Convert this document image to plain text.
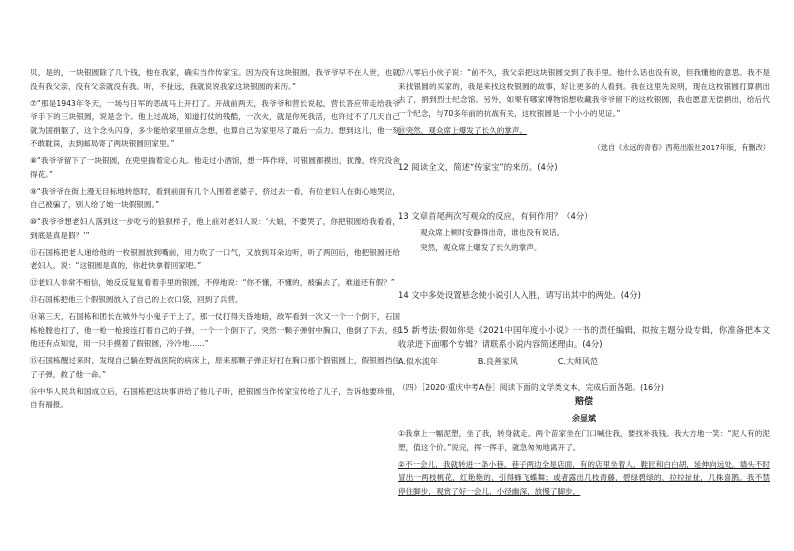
贝，是的，一块银圆除了几个钱，他在我家，确实当作传家宝。因为没有这块银圆，我爷爷早不在人世，也就没有我父亲，没有父亲就没有我。听，不扯远，我就说说我家这块银圆的来历。”

⑦“那是1943年冬天，一场与日军的恶战马上开打了。开战前两天，我爷爷和营长说起，营长答应带走给我爷爷手下的三块银圆，说是念个。他上过战场，知道打仗的残酷，一次火，就是你死我活，也许过不了几天自己就为国捐躯了，这个念头闪身，多少能给家里留点念想，也算自己为家里尽了最后一点力。想到这儿，他一刻不敢耽误，去到邮局寄了两块银圆回家里。”

⑧“我爷爷留下了一块银圆，在兜里揣着定心丸。他走过小酒馆，想一阵作痒，可银圆都摸出，犹豫，终究没舍得花。”

⑨“我爷爷在街上漫无目标地转悠时，看到前面有几个人围着老婆子，挤过去一看，有位老妇人在街心地哭泣，自己被骗了，别人给了她一块假银圆。”

⑩“我爷爷想老妇人落到这一步吃亏的狼狈样子，他上前对老妇人说：‘大娘，不要哭了，你把银圆给我看看，到底是真是假？’”

⑪石国栋把老人递给他的一枚银圆放到嘴前，用力吹了一口气，又放到耳朵边听，听了两回后，他把银圆还给老妇人，说：“这银圆是真的，你赶快拿着回家吧。”

⑫老妇人非常不相信，她反反复复看着手里的银圆，不停地说：“你不懂，不懂的，被骗去了，难道还有假？”

⑬石国栋把他三个假银圆放入了自己的上衣口袋，回到了兵营。

⑭第三天，石国栋和团长在城外与小鬼子干上了，那一仗打得天昏地暗，敌军看到一次又一个一个倒下，石国栋枪膛也打了，他一枪一枪接连打着自己的子弹，一个一个倒下了，突然一颗子弹射中胸口，他倒了下去，但他还有点知觉，用一只手摸着了假银圆，冷冷地……”

⑮石国栋醒过来时，发现自己躺在野战医院的病床上，原来那颗子弹正好打在胸口那个假银圆上，假银圆挡住了子弹，救了他一命。”

⑯中华人民共和国成立后，石国栋把这块事讲给了他儿子听，把银圆当作传家宝传给了儿子，告诉他要珍惜，自有福报。

⑰八零后小伙子说：“前不久，我父亲把这块银圆交到了我手里。他什么话也没有说，但我懂他的意思。我不是来找银圆的买家的，我是来找这枚银圆的故事，好让更多的人看到。我在这里先说明，现在这枚银圆打算捐出去了，捐到烈士纪念馆。另外，如果有哪家博物馆想收藏我爷爷留下的这枚银圆，我也愿意无偿捐出，给后代一个纪念，与70多年前的抗战有关，这枚银圆是一个小小的见证。”

⑱突然，观众席上爆发了长久的掌声。

（选自《永远的青春》西苑出版社2017年版，有删改）

12 阅读全文，简述“传家宝”的来历。(4分)

13 文章首尾两次写观众的反应，有何作用？（4分）

观众席上顿时安静得出奇，谁也没有说话。

突然，观众席上爆发了长久的掌声。

14 文中多处设置悬念使小说引人入胜，请写出其中的两处。(4分)

15 新考法·假如你是《2021中国年度小小说》一书的责任编辑，拟按主题分设专辑，你准备把本文收录进下面哪个专辑？请联系小说内容简述理由。(4分)

A.似水流年	B.良善家风	C.大师风范

（四）［2020·重庆中考A卷］阅读下面的文学类文本，完成后面各题。(16分)

赔偿

余显斌

①我拿上一幅泥塑，坐了我，转身就走。两个苗家坐在门口喊住我，要找补我钱。我大方地一笑：“泥人有的泥塑，值这个价。”说完，挥一挥手，就急匆匆地离开了。

②不一会儿，我就转进一条小巷。巷子两边全是店面，有的店里坐着人，鞋匠和白白胡，延伸向远处。墙头不时冒出一两枝桃花，红艳艳的，引得蜂飞蝶舞；或者露出几枝青藤，碧绿碧绿的，拉拉扯扯，几株喜鹊。我不禁停住脚步，观赏了好一会儿，小径幽深，放慢了脚步。
